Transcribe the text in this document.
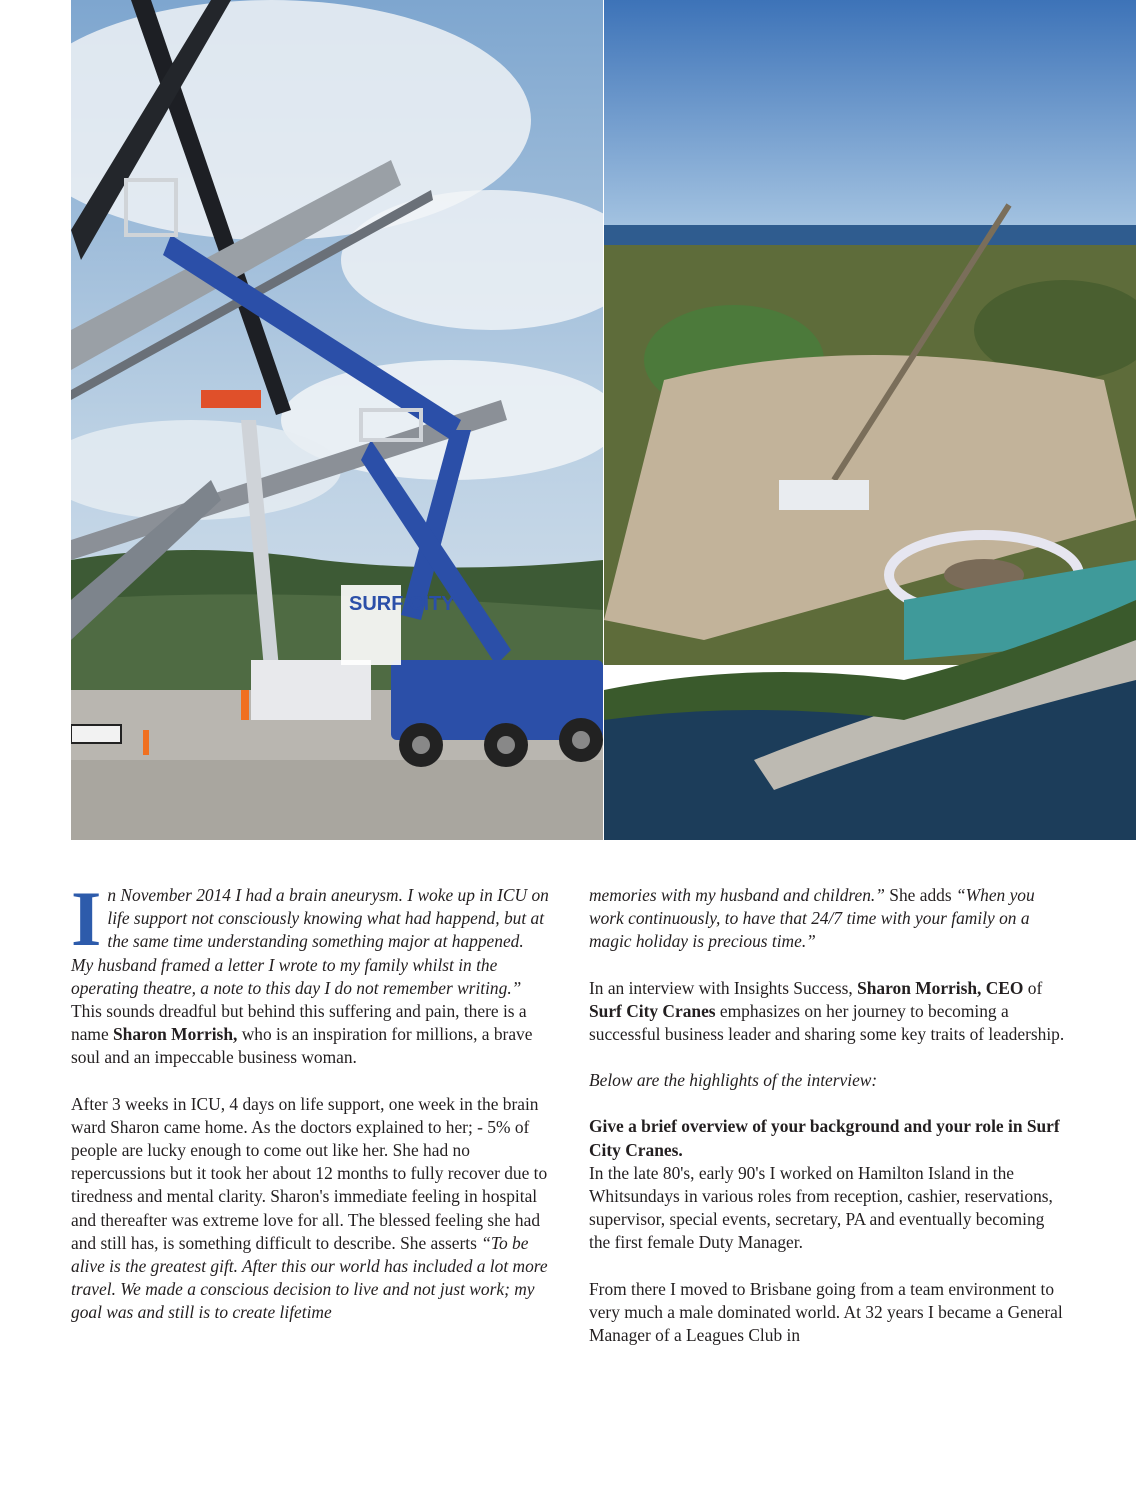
SURF CITY

In November 2014 I had a brain aneurysm. I woke up in ICU on life support not consciously knowing what had happend, but at the same time understanding something major at happened. My husband framed a letter I wrote to my family whilst in the operating theatre, a note to this day I do not remember writing.” This sounds dreadful but behind this suffering and pain, there is a name Sharon Morrish, who is an inspiration for millions, a brave soul and an impeccable business woman.

After 3 weeks in ICU, 4 days on life support, one week in the brain ward Sharon came home. As the doctors explained to her; - 5% of people are lucky enough to come out like her. She had no repercussions but it took her about 12 months to fully recover due to tiredness and mental clarity. Sharon's immediate feeling in hospital and thereafter was extreme love for all. The blessed feeling she had and still has, is something difficult to describe. She asserts “To be alive is the greatest gift. After this our world has included a lot more travel. We made a conscious decision to live and not just work; my goal was and still is to create lifetime

memories with my husband and children.” She adds “When you work continuously, to have that 24/7 time with your family on a magic holiday is precious time.”

In an interview with Insights Success, Sharon Morrish, CEO of Surf City Cranes emphasizes on her journey to becoming a successful business leader and sharing some key traits of leadership.

Below are the highlights of the interview:

Give a brief overview of your background and your role in Surf City Cranes.

In the late 80's, early 90's I worked on Hamilton Island in the Whitsundays in various roles from reception, cashier, reservations, supervisor, special events, secretary, PA and eventually becoming the first female Duty Manager.

From there I moved to Brisbane going from a team environment to very much a male dominated world. At 32 years I became a General Manager of a Leagues Club in
